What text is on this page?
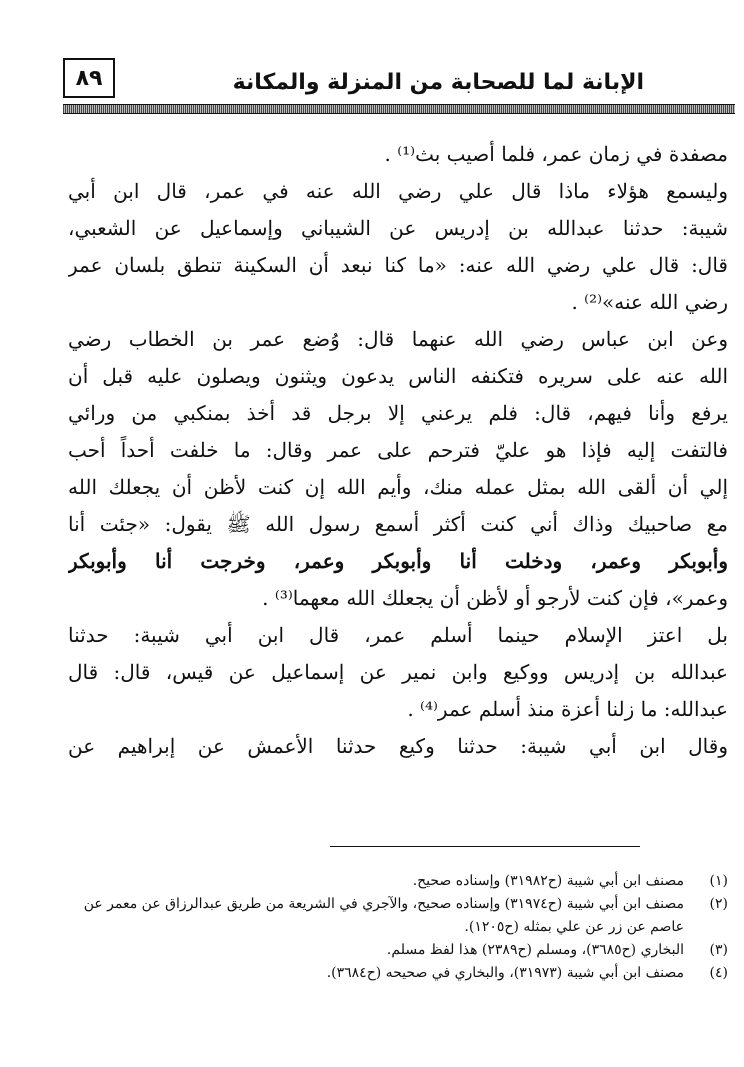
الإبانة لما للصحابة من المنزلة والمكانة
٨٩
مصفدة في زمان عمر، فلما أصيب بث⁽¹⁾ .
وليسمع هؤلاء ماذا قال علي رضي الله عنه في عمر، قال ابن أبي
شيبة: حدثنا عبدالله بن إدريس عن الشيباني وإسماعيل عن الشعبي،
قال: قال علي رضي الله عنه: «ما كنا نبعد أن السكينة تنطق بلسان عمر
رضي الله عنه»⁽²⁾ .
وعن ابن عباس رضي الله عنهما قال: وُضع عمر بن الخطاب رضي
الله عنه على سريره فتكنفه الناس يدعون ويثنون ويصلون عليه قبل أن
يرفع وأنا فيهم، قال: فلم يرعني إلا برجل قد أخذ بمنكبي من ورائي
فالتفت إليه فإذا هو عليّ فترحم على عمر وقال: ما خلفت أحداً أحب
إلي أن ألقى الله بمثل عمله منك، وأيم الله إن كنت لأظن أن يجعلك الله
مع صاحبيك وذاك أني كنت أكثر أسمع رسول الله ﷺ يقول: «جئت أنا
وأبوبكر وعمر، ودخلت أنا وأبوبكر وعمر، وخرجت أنا وأبوبكر
وعمر»، فإن كنت لأرجو أو لأظن أن يجعلك الله معهما⁽³⁾ .
بل اعتز الإسلام حينما أسلم عمر، قال ابن أبي شيبة: حدثنا
عبدالله بن إدريس ووكيع وابن نمير عن إسماعيل عن قيس، قال: قال
عبدالله: ما زلنا أعزة منذ أسلم عمر⁽⁴⁾ .
وقال ابن أبي شيبة: حدثنا وكيع حدثنا الأعمش عن إبراهيم عن
(١)
مصنف ابن أبي شيبة (ح٣١٩٨٢) وإسناده صحيح.
(٢)
مصنف ابن أبي شيبة (ح٣١٩٧٤) وإسناده صحيح، والآجري في الشريعة من طريق عبدالرزاق عن معمر عن عاصم عن زر عن علي بمثله (ح١٢٠٥).
(٣)
البخاري (ح٣٦٨٥)، ومسلم (ح٢٣٨٩) هذا لفظ مسلم.
(٤)
مصنف ابن أبي شيبة (٣١٩٧٣)، والبخاري في صحيحه (ح٣٦٨٤).
